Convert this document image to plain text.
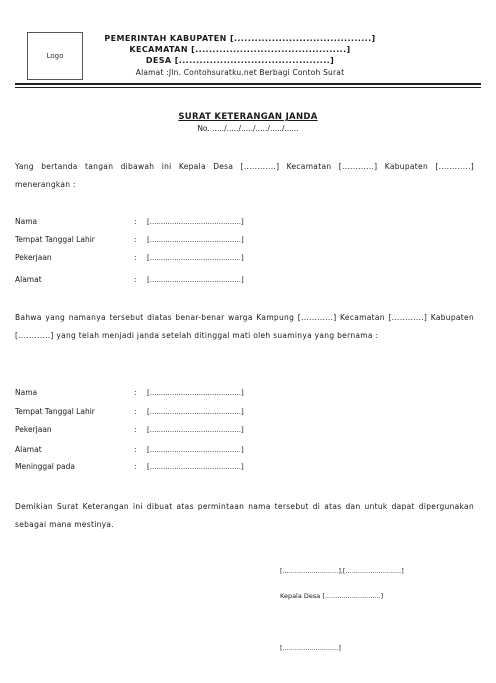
Logo
PEMERINTAH KABUPATEN [........................................]
KECAMATAN [............................................]
DESA [............................................]
Alamat :Jln. Contohsuratku.net Berbagi Contoh Surat
SURAT KETERANGAN JANDA
No. ...../...../...../...../...../......
Yang bertanda tangan dibawah ini Kepala Desa [............] Kecamatan [............] Kabupaten [............] menerangkan :
Nama	: [.........................................]
Tempat Tanggal Lahir	: [.........................................]
Pekerjaan	: [.........................................]
Alamat	: [.........................................]
Bahwa yang namanya tersebut diatas benar-benar warga Kampung [............] Kecamatan [............] Kabupaten [............] yang telah menjadi janda setelah ditinggal mati oleh suaminya yang bernama :
Nama	: [.........................................]
Tempat Tanggal Lahir	: [.........................................]
Pekerjaan	: [.........................................]
Alamat	: [.........................................]
Meninggal pada	: [.........................................]
Demikian Surat Keterangan ini dibuat atas permintaan nama tersebut di atas dan untuk dapat dipergunakan sebagai mana mestinya.
[...........................],[...........................]
Kepala Desa [...........................]
[...........................]
